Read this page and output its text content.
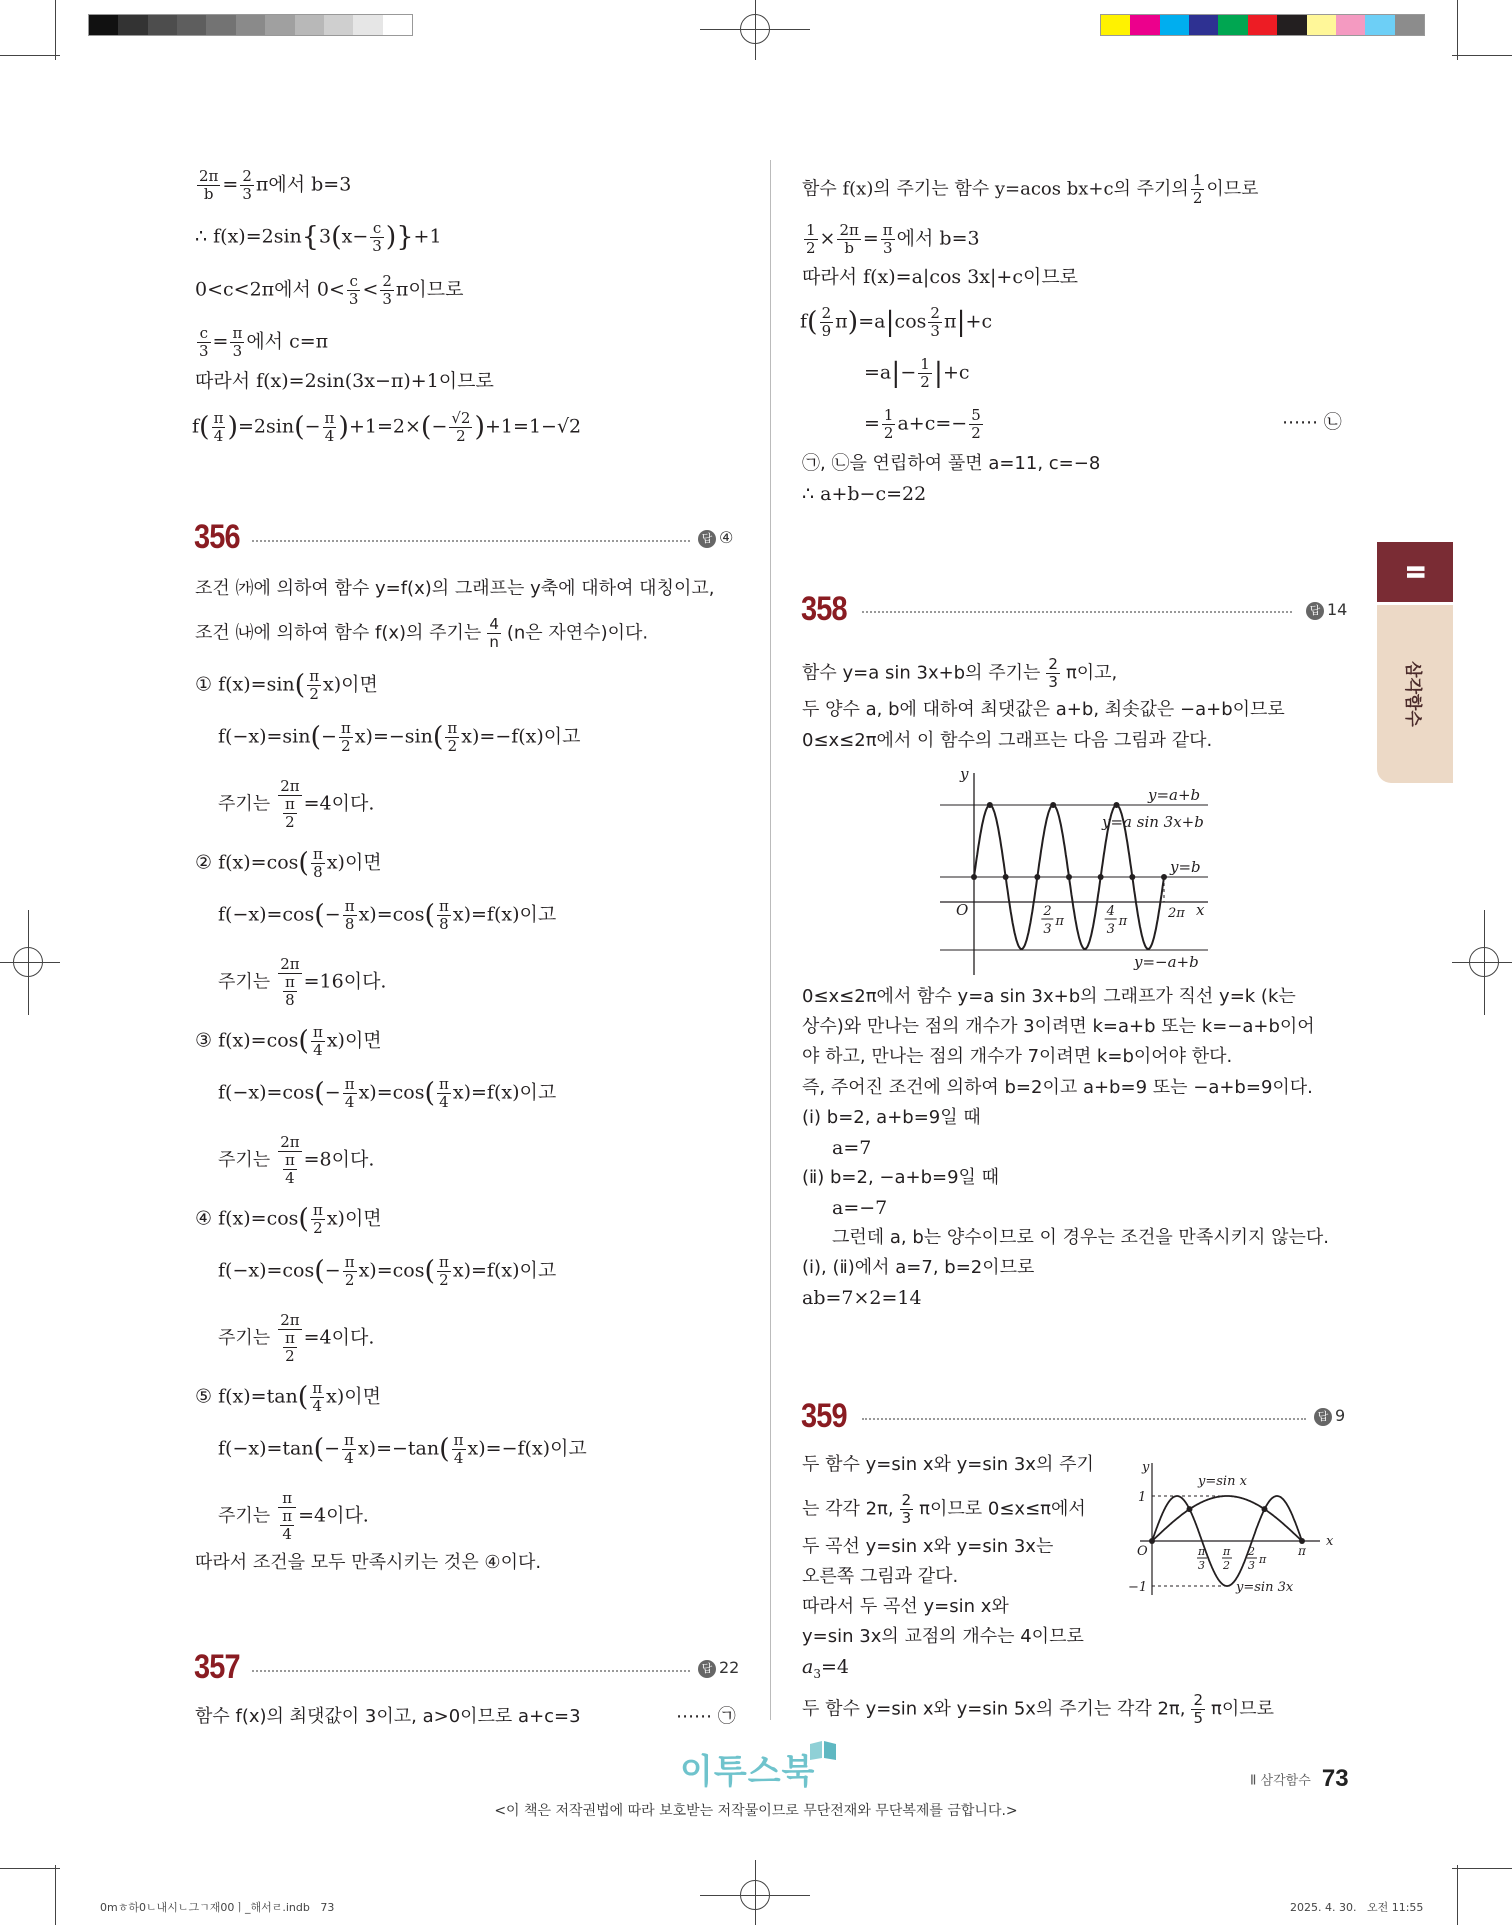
$\frac{2\pi}{b} = \frac{2}{3}$ π에서 b=3
∴ $f(x)=2\sin\{3(x- \frac{c}{3} )\}+1$
0<c<2π에서 $0< \frac{c}{3} < \frac{2}{3}$ π이므로
$\frac{c}{3} = \frac{\pi}{3}$ 에서 c=π
따라서 f(x)=2sin(3x−π)+1이므로
$f( \frac{\pi}{4} )=2\sin(- \frac{\pi}{4} )+1=2\times(- \frac{√2}{2} )+1=1-√2$
356	답 ④
조건 ㈎에 의하여 함수 y=f(x)의 그래프는 y축에 대하여 대칭이고,
조건 ㈏에 의하여 함수 f(x)의 주기는 $\frac{4}{n} (n$은 자연수)이다.
① $f(x)=\sin( \frac{\pi}{2} x)$이면
$f(-x)=\sin(- \frac{\pi}{2} x)=-\sin( \frac{\pi}{2} x)=-f(x)$이고
주기는 $\frac{2\pi}{\frac{\pi}{2}} =4$이다.
② $f(x)=\cos( \frac{\pi}{8} x)$이면
$f(-x)=\cos(- \frac{\pi}{8} x)=\cos( \frac{\pi}{8} x)=f(x)$이고
주기는 $\frac{2\pi}{\frac{\pi}{8}} =16$이다.
③ $f(x)=\cos( \frac{\pi}{4} x)$이면
$f(-x)=\cos(- \frac{\pi}{4} x)=\cos( \frac{\pi}{4} x)=f(x)$이고
주기는 $\frac{2\pi}{\frac{\pi}{4}} =8$이다.
④ $f(x)=\cos( \frac{\pi}{2} x)$이면
$f(-x)=\cos(- \frac{\pi}{2} x)=\cos( \frac{\pi}{2} x)=f(x)$이고
주기는 $\frac{2\pi}{\frac{\pi}{2}} =4$이다.
⑤ $f(x)=\tan( \frac{\pi}{4} x)$이면
$f(-x)=\tan(- \frac{\pi}{4} x)=-\tan( \frac{\pi}{4} x)=-f(x)$이고
주기는 $\frac{\pi}{\frac{\pi}{4}} =4$이다.
따라서 조건을 모두 만족시키는 것은 ④이다.
357	답 22
함수 f(x)의 최댓값이 3이고, a>0이므로 a+c=3	⋯⋯ ㉠
함수 f(x)의 주기는 함수 y=acos bx+c의 주기의 $\frac{1}{2}$ 이므로
$\frac{1}{2} \times \frac{2\pi}{b} = \frac{\pi}{3}$ 에서 b=3
따라서 f(x)=a|cos 3x|+c이므로
$f( \frac{2}{9} \pi)=a|\cos \frac{2}{3} \pi|+c$
$=a|- \frac{1}{2} |+c$
= $\frac{1}{2} a+c=- \frac{5}{2}$	⋯⋯ ㉡
㉠, ㉡을 연립하여 풀면 a=11, c=−8
∴ a+b−c=22
358	답 14
함수 y=a sin 3x+b의 주기는 $\frac{2}{3}$ π이고,
두 양수 a, b에 대하여 최댓값은 a+b, 최솟값은 −a+b이므로
0≤x≤2π에서 이 함수의 그래프는 다음 그림과 같다.
y=a+b
y=a sin 3x+b
y=b
y=−a+b
y
x
O	2
3
π
4
3
π
2π
0≤x≤2π에서 함수 y=a sin 3x+b의 그래프가 직선 y=k (k는
상수)와 만나는 점의 개수가 3이려면 k=a+b 또는 k=−a+b이어
야 하고, 만나는 점의 개수가 7이려면 k=b이어야 한다.
즉, 주어진 조건에 의하여 b=2이고 a+b=9 또는 −a+b=9이다.
(ⅰ) b=2, a+b=9일 때
a=7
(ⅱ) b=2, −a+b=9일 때
a=−7
그런데 a, b는 양수이므로 이 경우는 조건을 만족시키지 않는다.
(ⅰ), (ⅱ)에서 a=7, b=2이므로
ab=7×2=14
359	답 9
두 함수 y=sin x와 y=sin 3x의 주기
는 각각 2π, $\frac{2}{3}$ π이므로 0≤x≤π에서
두 곡선 y=sin x와 y=sin 3x는
오른쪽 그림과 같다.
따라서 두 곡선 y=sin x와
y=sin 3x의 교점의 개수는 4이므로
$a_3=4$
두 함수 y=sin x와 y=sin 5x의 주기는 각각 2π, $\frac{2}{5}$ π이므로
y
x
O
1
−1
y=sin x
y=sin 3x
π
3
π
2
2
3 π
π
Ⅱ
삼각함수
이투스북	Ⅱ 삼각함수 73
<이 책은 저작권법에 따라 보호받는 저작물이므로 무단전재와 무단복제를 금합니다.>
0mㅎ하0ㄴ내시ㄴ그ㄱ재00ㅣ_해서ㄹ.indb   73	2025. 4. 30.   오전 11:55
